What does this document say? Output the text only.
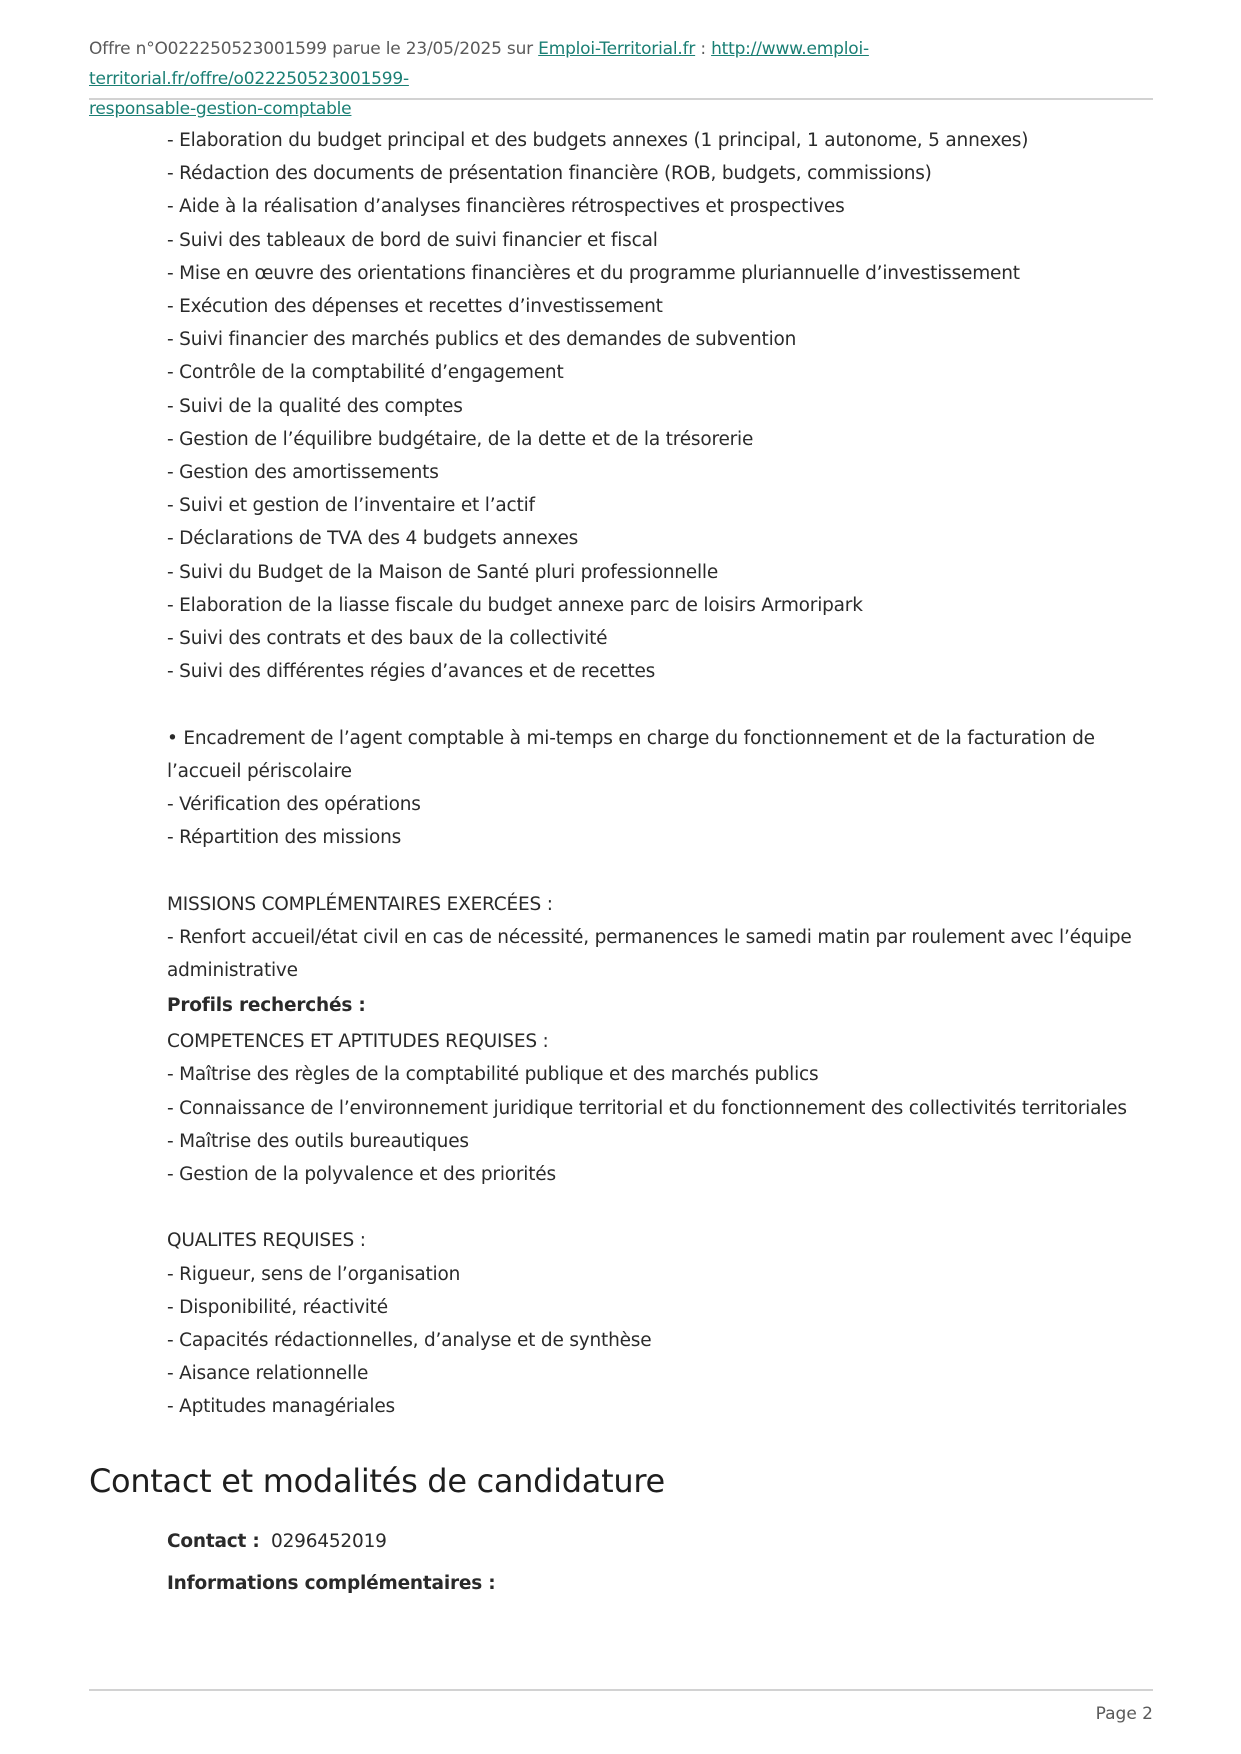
Offre n°O022250523001599 parue le 23/05/2025 sur Emploi-Territorial.fr : http://www.emploi-territorial.fr/offre/o022250523001599-
responsable-gestion-comptable
- Elaboration du budget principal et des budgets annexes (1 principal, 1 autonome, 5 annexes)
- Rédaction des documents de présentation financière (ROB, budgets, commissions)
- Aide à la réalisation d’analyses financières rétrospectives et prospectives
- Suivi des tableaux de bord de suivi financier et fiscal
- Mise en œuvre des orientations financières et du programme pluriannuelle d’investissement
- Exécution des dépenses et recettes d’investissement
- Suivi financier des marchés publics et des demandes de subvention
- Contrôle de la comptabilité d’engagement
- Suivi de la qualité des comptes
- Gestion de l’équilibre budgétaire, de la dette et de la trésorerie
- Gestion des amortissements
- Suivi et gestion de l’inventaire et l’actif
- Déclarations de TVA des 4 budgets annexes
- Suivi du Budget de la Maison de Santé pluri professionnelle
- Elaboration de la liasse fiscale du budget annexe parc de loisirs Armoripark
- Suivi des contrats et des baux de la collectivité
- Suivi des différentes régies d’avances et de recettes
• Encadrement de l’agent comptable à mi-temps en charge du fonctionnement et de la facturation de l’accueil périscolaire
- Vérification des opérations
- Répartition des missions
MISSIONS COMPLÉMENTAIRES EXERCÉES :
- Renfort accueil/état civil en cas de nécessité, permanences le samedi matin par roulement avec l’équipe administrative
Profils recherchés :
COMPETENCES ET APTITUDES REQUISES :
- Maîtrise des règles de la comptabilité publique et des marchés publics
- Connaissance de l’environnement juridique territorial et du fonctionnement des collectivités territoriales
- Maîtrise des outils bureautiques
- Gestion de la polyvalence et des priorités
QUALITES REQUISES :
- Rigueur, sens de l’organisation
- Disponibilité, réactivité
- Capacités rédactionnelles, d’analyse et de synthèse
- Aisance relationnelle
- Aptitudes managériales
Contact et modalités de candidature
Contact : 0296452019
Informations complémentaires :
Page 2
